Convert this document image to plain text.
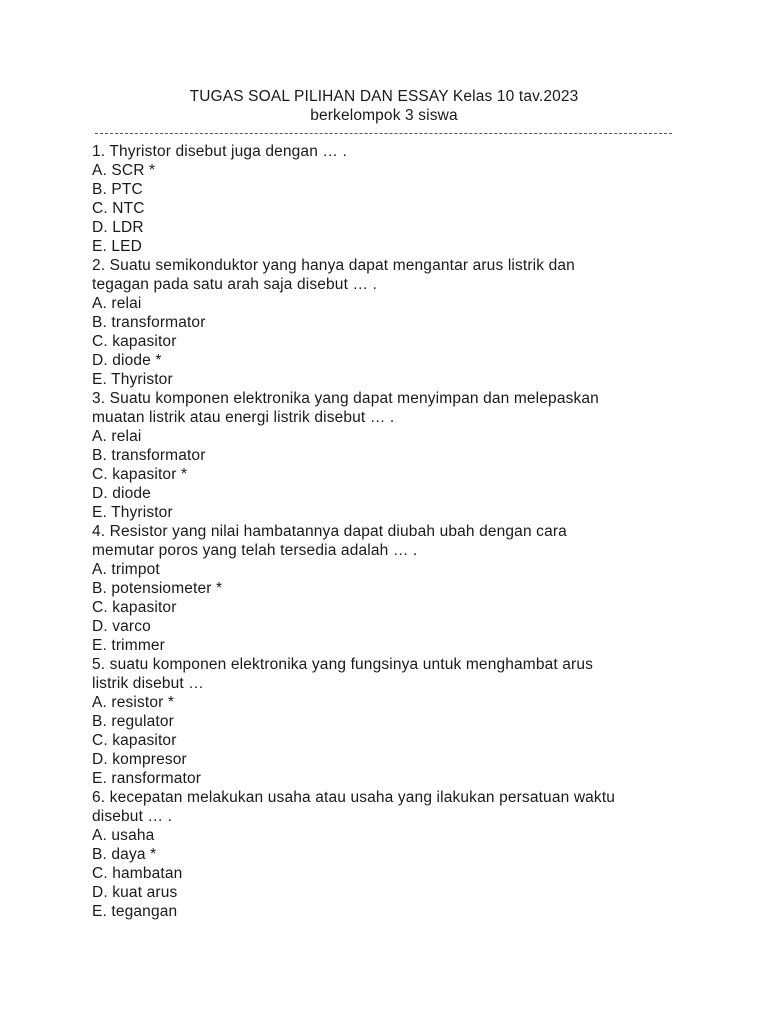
TUGAS SOAL PILIHAN DAN ESSAY Kelas 10 tav.2023
berkelompok 3 siswa
1. Thyristor disebut juga dengan … .
A. SCR *
B. PTC
C. NTC
D. LDR
E. LED
2. Suatu semikonduktor yang hanya dapat mengantar arus listrik dan
tegagan pada satu arah saja disebut … .
A. relai
B. transformator
C. kapasitor
D. diode *
E. Thyristor
3. Suatu komponen elektronika yang dapat menyimpan dan melepaskan
muatan listrik atau energi listrik disebut … .
A. relai
B. transformator
C. kapasitor *
D. diode
E. Thyristor
4. Resistor yang nilai hambatannya dapat diubah ubah dengan cara
memutar poros yang telah tersedia adalah … .
A. trimpot
B. potensiometer *
C. kapasitor
D. varco
E. trimmer
5. suatu komponen elektronika yang fungsinya untuk menghambat arus
listrik disebut …
A. resistor *
B. regulator
C. kapasitor
D. kompresor
E. ransformator
6. kecepatan melakukan usaha atau usaha yang ilakukan persatuan waktu
disebut … .
A. usaha
B. daya *
C. hambatan
D. kuat arus
E. tegangan
